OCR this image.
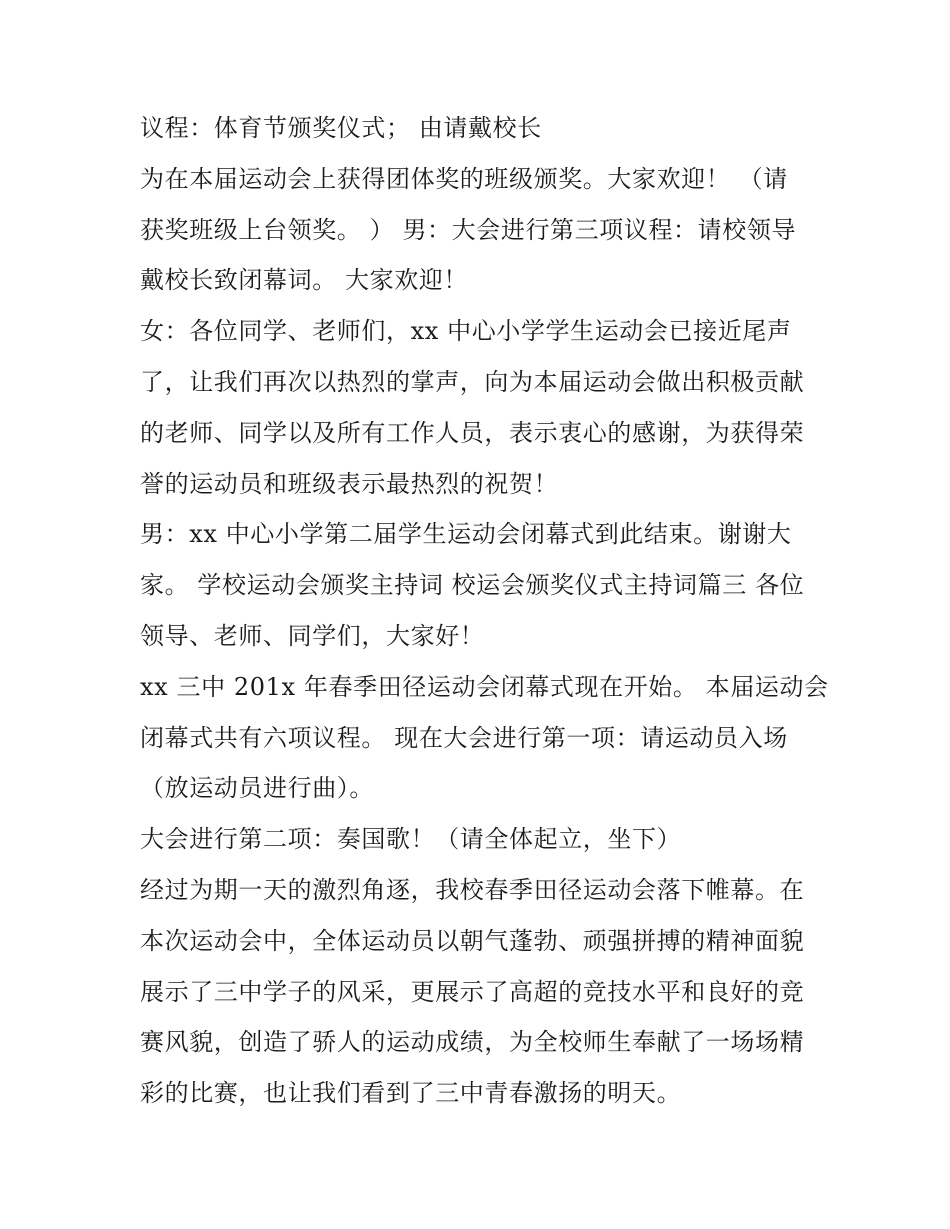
议程：体育节颁奖仪式； 由请戴校长
为在本届运动会上获得团体奖的班级颁奖。大家欢迎！ （请
获奖班级上台领奖。 ） 男：大会进行第三项议程：请校领导
戴校长致闭幕词。 大家欢迎！
女：各位同学、老师们，xx 中心小学学生运动会已接近尾声
了，让我们再次以热烈的掌声，向为本届运动会做出积极贡献
的老师、同学以及所有工作人员，表示衷心的感谢，为获得荣
誉的运动员和班级表示最热烈的祝贺！
男：xx 中心小学第二届学生运动会闭幕式到此结束。谢谢大
家。 学校运动会颁奖主持词 校运会颁奖仪式主持词篇三 各位
领导、老师、同学们，大家好！
xx 三中 201x 年春季田径运动会闭幕式现在开始。 本届运动会
闭幕式共有六项议程。 现在大会进行第一项：请运动员入场
（放运动员进行曲）。
大会进行第二项：奏国歌！（请全体起立，坐下）
经过为期一天的激烈角逐，我校春季田径运动会落下帷幕。在
本次运动会中，全体运动员以朝气蓬勃、顽强拼搏的精神面貌
展示了三中学子的风采，更展示了高超的竞技水平和良好的竞
赛风貌，创造了骄人的运动成绩，为全校师生奉献了一场场精
彩的比赛，也让我们看到了三中青春激扬的明天。
